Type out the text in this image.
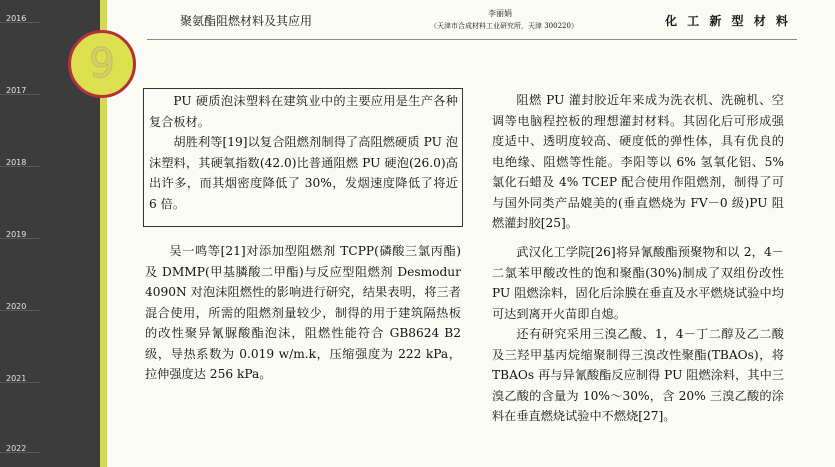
2016
2017
2018
2019
2020
2021
2022
聚氨酯阻燃材料及其应用
李丽娟
（天津市合成材料工业研究所，天津 300220）	化 工 新 型 材 料

PU 硬质泡沫塑料在建筑业中的主要应用是生产各种复合板材。

胡胜利等[19]以复合阻燃剂制得了高阻燃硬质 PU 泡沫塑料，其硬氧指数(42.0)比普通阻燃 PU 硬泡(26.0)高出许多，而其烟密度降低了 30%，发烟速度降低了将近 6 倍。

吴一鸣等[21]对添加型阻燃剂 TCPP(磷酸三氯丙酯)及 DMMP(甲基膦酸二甲酯)与反应型阻燃剂 Desmodur 4090N 对泡沫阻燃性的影响进行研究，结果表明，将三者混合使用，所需的阻燃剂量较少，制得的用于建筑隔热板的改性聚异氰脲酸酯泡沫，阻燃性能符合 GB8624 B2 级，导热系数为 0.019 w/m.k，压缩强度为 222 kPa，拉伸强度达 256 kPa。

阻燃 PU 灌封胶近年来成为洗衣机、洗碗机、空调等电脑程控板的理想灌封材料。其固化后可形成强度适中、透明度较高、硬度低的弹性体，具有优良的电绝缘、阻燃等性能。李阳等以 6% 氢氧化铝、5% 氯化石蜡及 4% TCEP 配合使用作阻燃剂，制得了可与国外同类产品媲美的(垂直燃烧为 FV－0 级)PU 阻燃灌封胶[25]。

武汉化工学院[26]将异氰酸酯预聚物和以 2，4－二氯苯甲酸改性的饱和聚酯(30%)制成了双组份改性 PU 阻燃涂料，固化后涂膜在垂直及水平燃烧试验中均可达到离开火苗即自熄。

还有研究采用三溴乙酸、1，4－丁二醇及乙二酸及三羟甲基丙烷缩聚制得三溴改性聚酯(TBAOs)，将 TBAOs 再与异氰酸酯反应制得 PU 阻燃涂料，其中三溴乙酸的含量为 10%～30%，含 20% 三溴乙酸的涂料在垂直燃烧试验中不燃烧[27]。

9
